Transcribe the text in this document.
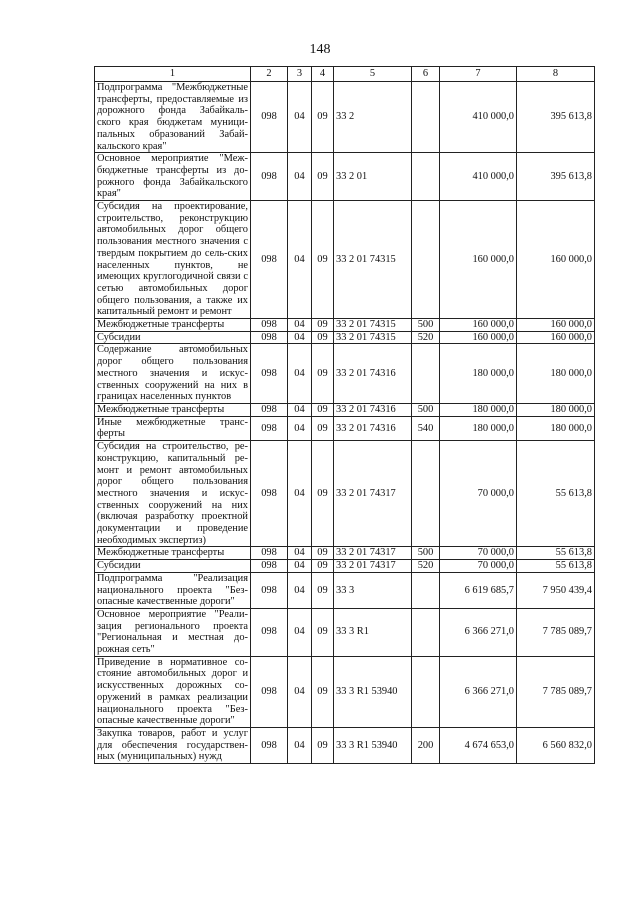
148
1	2	3	4	5	6	7	8
Подпрограмма "Межбюджетные трансферты, предоставляемые из дорожного фонда Забайкаль-ского края бюджетам муници-пальных образований Забай-кальского края"	098	04	09	33 2		410 000,0	395 613,8
Основное мероприятие "Меж-бюджетные трансферты из до-рожного фонда Забайкальского края"	098	04	09	33 2 01		410 000,0	395 613,8
Субсидия на проектирование, строительство, реконструкцию автомобильных дорог общего пользования местного значения с твердым покрытием до сель-ских населенных пунктов, не имеющих круглогодичной связи с сетью автомобильных дорог общего пользования, а также их капитальный ремонт и ремонт	098	04	09	33 2 01 74315		160 000,0	160 000,0
Межбюджетные трансферты	098	04	09	33 2 01 74315	500	160 000,0	160 000,0
Субсидии	098	04	09	33 2 01 74315	520	160 000,0	160 000,0
Содержание автомобильных дорог общего пользования местного значения и искус-ственных сооружений на них в границах населенных пунктов	098	04	09	33 2 01 74316		180 000,0	180 000,0
Межбюджетные трансферты	098	04	09	33 2 01 74316	500	180 000,0	180 000,0
Иные межбюджетные транс-ферты	098	04	09	33 2 01 74316	540	180 000,0	180 000,0
Субсидия на строительство, ре-конструкцию, капитальный ре-монт и ремонт автомобильных дорог общего пользования местного значения и искус-ственных сооружений на них (включая разработку проектной документации и проведение необходимых экспертиз)	098	04	09	33 2 01 74317		70 000,0	55 613,8
Межбюджетные трансферты	098	04	09	33 2 01 74317	500	70 000,0	55 613,8
Субсидии	098	04	09	33 2 01 74317	520	70 000,0	55 613,8
Подпрограмма "Реализация национального проекта "Без-опасные качественные дороги"	098	04	09	33 3		6 619 685,7	7 950 439,4
Основное мероприятие "Реали-зация регионального проекта "Региональная и местная до-рожная сеть"	098	04	09	33 3 R1		6 366 271,0	7 785 089,7
Приведение в нормативное со-стояние автомобильных дорог и искусственных дорожных со-оружений в рамках реализации национального проекта "Без-опасные качественные дороги"	098	04	09	33 3 R1 53940		6 366 271,0	7 785 089,7
Закупка товаров, работ и услуг для обеспечения государствен-ных (муниципальных) нужд	098	04	09	33 3 R1 53940	200	4 674 653,0	6 560 832,0
